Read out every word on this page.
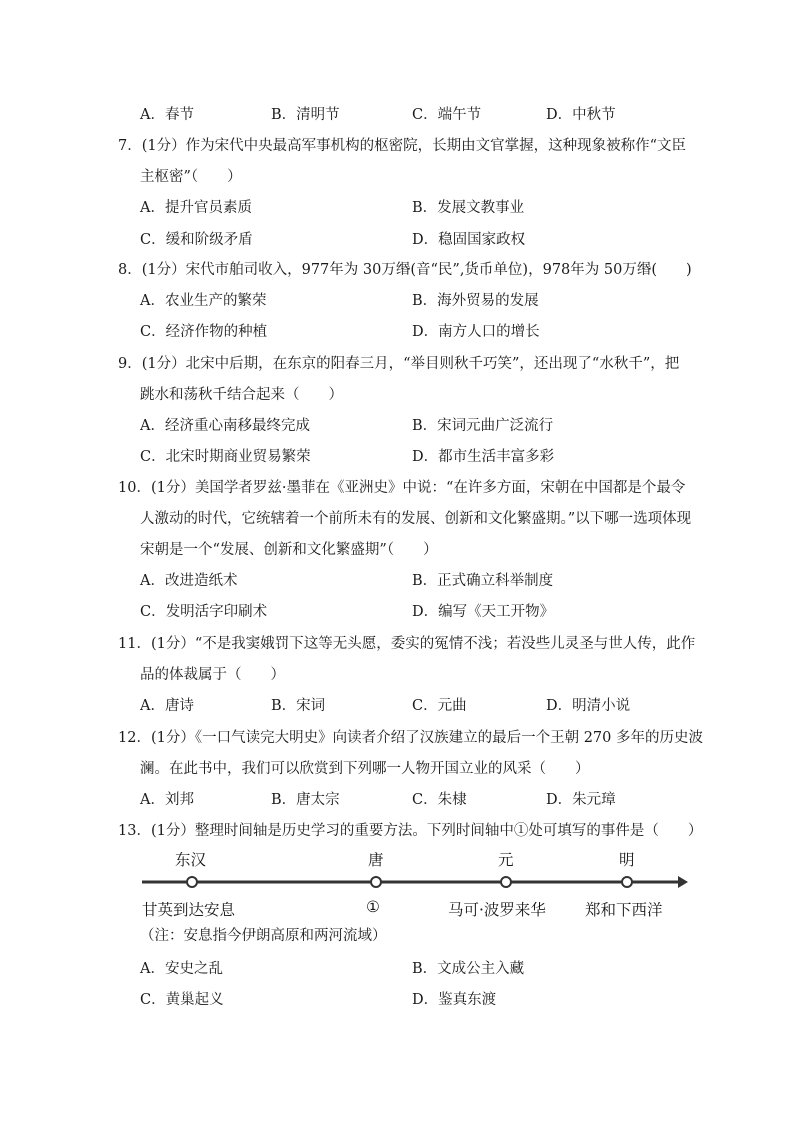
A．春节	B．清明节	C．端午节	D．中秋节
7．(1分）作为宋代中央最高军事机构的枢密院，长期由文官掌握，这种现象被称作“文臣
主枢密”（　　）
A．提升官员素质	B．发展文教事业
C．缓和阶级矛盾	D．稳固国家政权
8．(1分）宋代市舶司收入，977年为 30万缗(音“民”,货币单位)，978年为 50万缗(　　)
A．农业生产的繁荣	B．海外贸易的发展
C．经济作物的种植	D．南方人口的增长
9．(1分）北宋中后期，在东京的阳春三月，“举目则秋千巧笑”，还出现了“水秋千”，把
跳水和荡秋千结合起来（　　）
A．经济重心南移最终完成	B．宋词元曲广泛流行
C．北宋时期商业贸易繁荣	D．都市生活丰富多彩
10．(1分）美国学者罗兹·墨菲在《亚洲史》中说：“在许多方面，宋朝在中国都是个最令
人激动的时代，它统辖着一个前所未有的发展、创新和文化繁盛期。”以下哪一选项体现
宋朝是一个“发展、创新和文化繁盛期”（　　）
A．改进造纸术	B．正式确立科举制度
C．发明活字印刷术	D．编写《天工开物》
11．(1分）“不是我窦娥罚下这等无头愿，委实的冤情不浅；若没些儿灵圣与世人传，此作
品的体裁属于（　　）
A．唐诗	B．宋词	C．元曲	D．明清小说
12．(1分）《一口气读完大明史》向读者介绍了汉族建立的最后一个王朝 270 多年的历史波
澜。在此书中，我们可以欣赏到下列哪一人物开国立业的风采（　　）
A．刘邦	B．唐太宗	C．朱棣	D．朱元璋
13．(1分）整理时间轴是历史学习的重要方法。下列时间轴中①处可填写的事件是（　　）
东汉	唐	元	明
甘英到达安息	①	马可·波罗来华	郑和下西洋
（注：安息指今伊朗高原和两河流域）
A．安史之乱	B．文成公主入藏
C．黄巢起义	D．鉴真东渡
